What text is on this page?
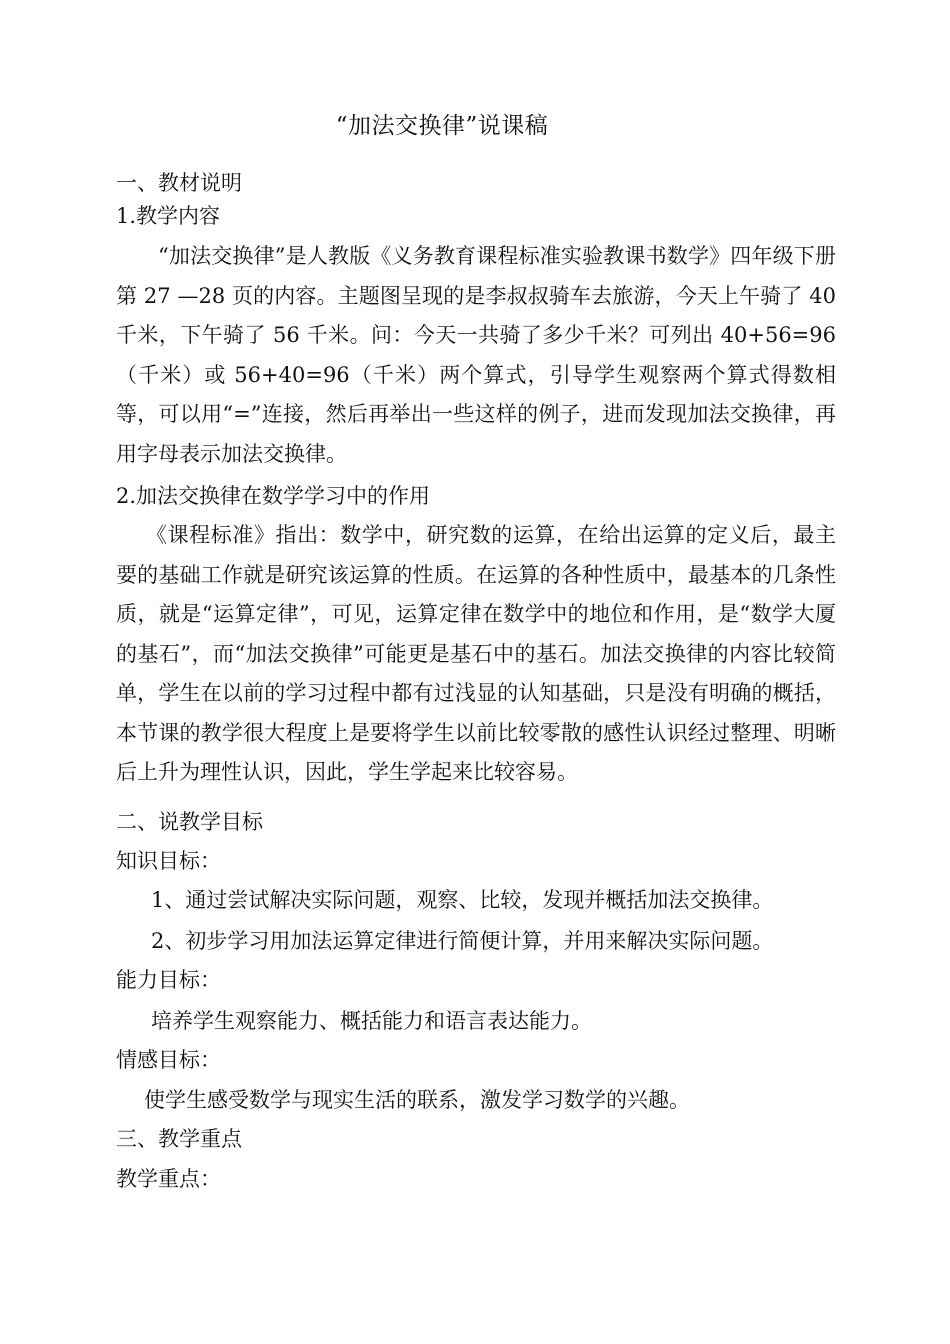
“加法交换律”说课稿
一、教材说明
1.教学内容

“加法交换律”是人教版《义务教育课程标准实验教课书数学》四年级下册第 27 —28 页的内容。主题图呈现的是李叔叔骑车去旅游，今天上午骑了 40 千米，下午骑了 56 千米。问：今天一共骑了多少千米？可列出 40+56=96（千米）或 56+40=96（千米）两个算式，引导学生观察两个算式得数相等，可以用“=”连接，然后再举出一些这样的例子，进而发现加法交换律，再用字母表示加法交换律。

2.加法交换律在数学学习中的作用

《课程标准》指出：数学中，研究数的运算，在给出运算的定义后，最主要的基础工作就是研究该运算的性质。在运算的各种性质中，最基本的几条性质，就是“运算定律”，可见，运算定律在数学中的地位和作用，是“数学大厦的基石”，而“加法交换律”可能更是基石中的基石。加法交换律的内容比较简单，学生在以前的学习过程中都有过浅显的认知基础，只是没有明确的概括，本节课的教学很大程度上是要将学生以前比较零散的感性认识经过整理、明晰后上升为理性认识，因此，学生学起来比较容易。

二、说教学目标
知识目标：
1、通过尝试解决实际问题，观察、比较，发现并概括加法交换律。
2、初步学习用加法运算定律进行简便计算，并用来解决实际问题。
能力目标：
培养学生观察能力、概括能力和语言表达能力。
情感目标：
使学生感受数学与现实生活的联系，激发学习数学的兴趣。
三、教学重点
教学重点：
